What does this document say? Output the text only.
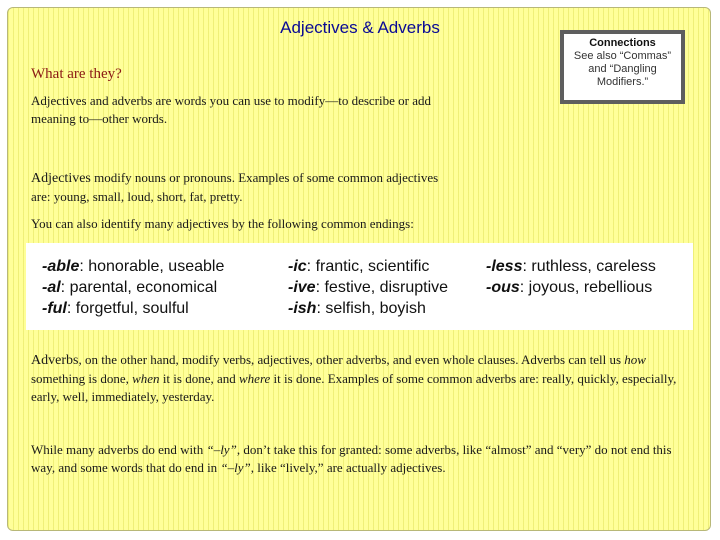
Adjectives & Adverbs
What are they?
Adjectives and adverbs are words you can use to modify—to describe or add meaning to—other words.
Connections
See also “Commas” and “Dangling Modifiers.”
Adjectives modify nouns or pronouns. Examples of some common adjectives are: young, small, loud, short, fat, pretty.
You can also identify many adjectives by the following common endings:
-able: honorable, useable
-al: parental, economical
-ful: forgetful, soulful
-ic: frantic, scientific
-ive: festive, disruptive
-ish: selfish, boyish
-less: ruthless, careless
-ous: joyous, rebellious
Adverbs, on the other hand, modify verbs, adjectives, other adverbs, and even whole clauses. Adverbs can tell us how something is done, when it is done, and where it is done. Examples of some common adverbs are: really, quickly, especially, early, well, immediately, yesterday.
While many adverbs do end with “–ly”, don’t take this for granted: some adverbs, like “almost” and “very” do not end this way, and some words that do end in “–ly”, like “lively,” are actually adjectives.
